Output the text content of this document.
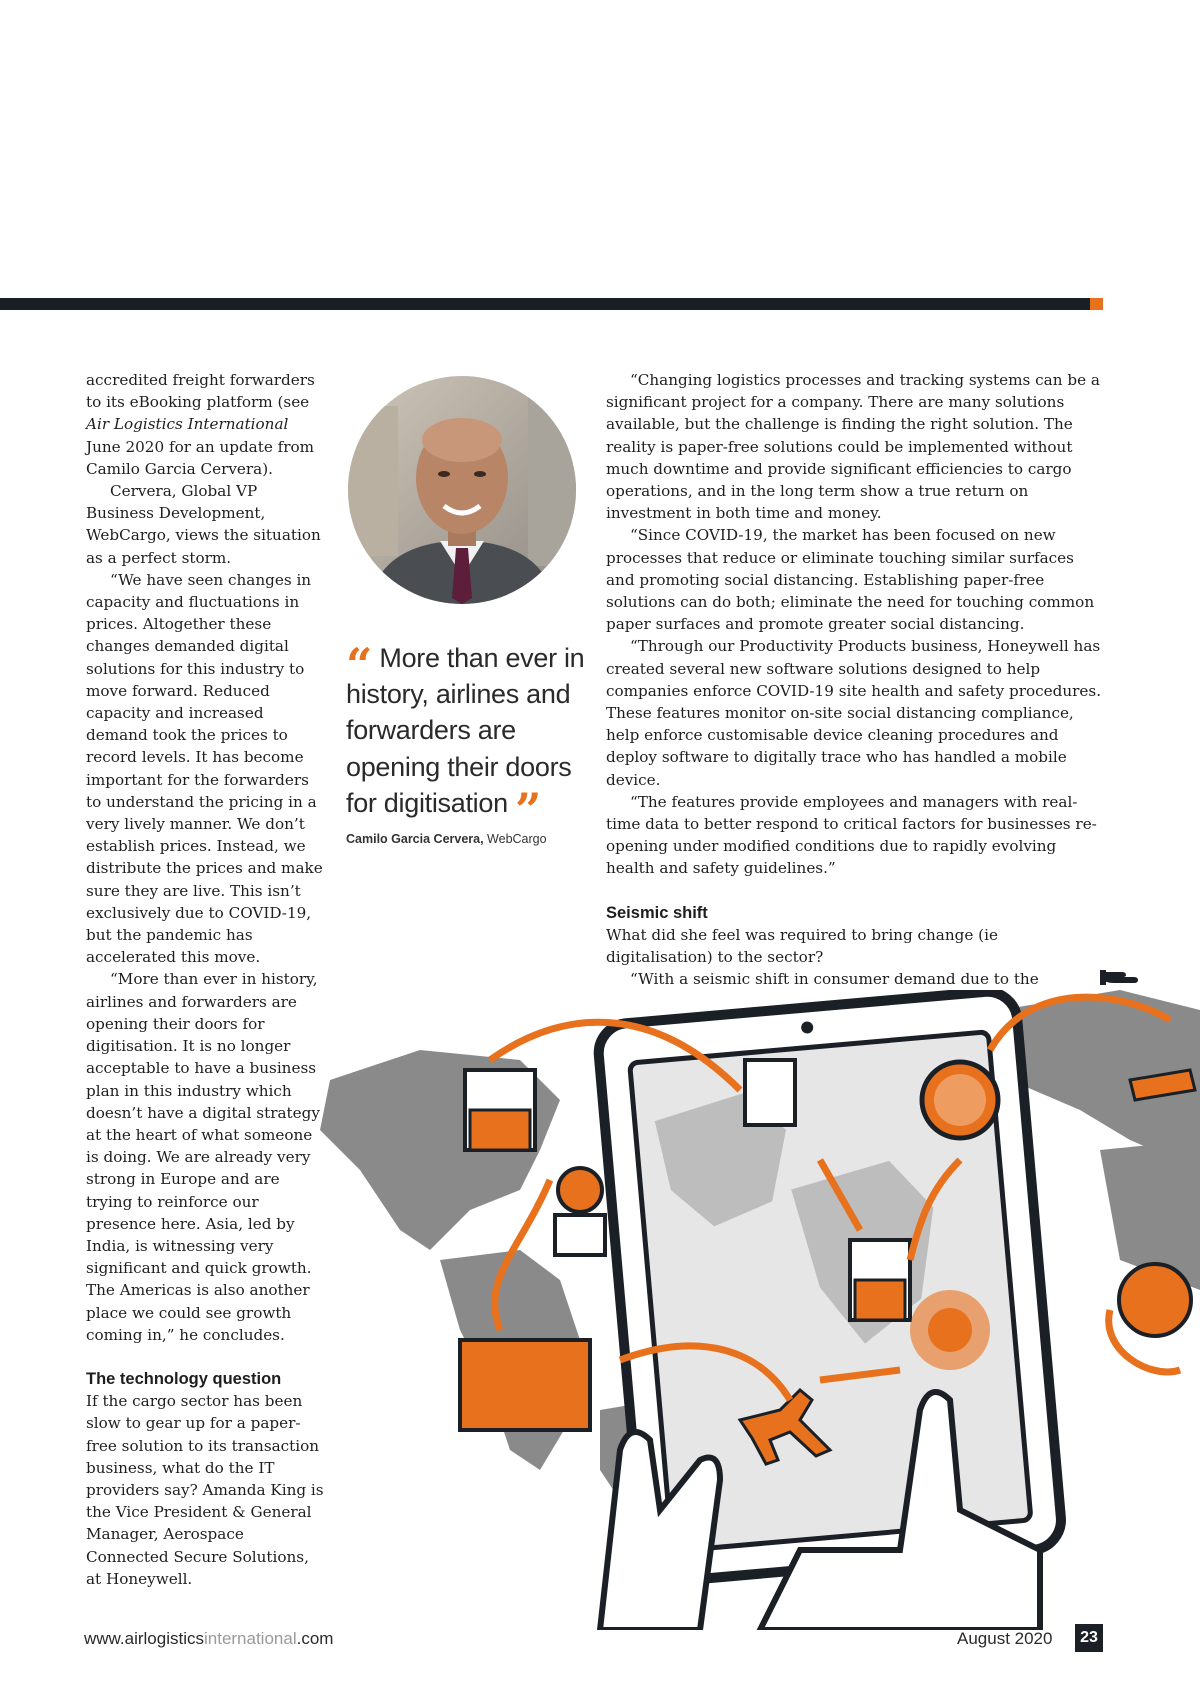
accredited freight forwarders to its eBooking platform (see Air Logistics International June 2020 for an update from Camilo Garcia Cervera).

Cervera, Global VP Business Development, WebCargo, views the situation as a perfect storm.

“We have seen changes in capacity and fluctuations in prices. Altogether these changes demanded digital solutions for this industry to move forward. Reduced capacity and increased demand took the prices to record levels. It has become important for the forwarders to understand the pricing in a very lively manner. We don’t establish prices. Instead, we distribute the prices and make sure they are live. This isn’t exclusively due to COVID-19, but the pandemic has accelerated this move.

“More than ever in history, airlines and forwarders are opening their doors for digitisation. It is no longer acceptable to have a business plan in this industry which doesn’t have a digital strategy at the heart of what someone is doing. We are already very strong in Europe and are trying to reinforce our presence here. Asia, led by India, is witnessing very significant and quick growth. The Americas is also another place we could see growth coming in,” he concludes.

The technology question

If the cargo sector has been slow to gear up for a paper-free solution to its transaction business, what do the IT providers say? Amanda King is the Vice President & General Manager, Aerospace Connected Secure Solutions, at Honeywell.

“ More than ever in history, airlines and forwarders are opening their doors for digitisation ”
Camilo Garcia Cervera, WebCargo

“Changing logistics processes and tracking systems can be a significant project for a company. There are many solutions available, but the challenge is finding the right solution. The reality is paper-free solutions could be implemented without much downtime and provide significant efficiencies to cargo operations, and in the long term show a true return on investment in both time and money.

“Since COVID-19, the market has been focused on new processes that reduce or eliminate touching similar surfaces and promoting social distancing. Establishing paper-free solutions can do both; eliminate the need for touching common paper surfaces and promote greater social distancing.

“Through our Productivity Products business, Honeywell has created several new software solutions designed to help companies enforce COVID-19 site health and safety procedures. These features monitor on-site social distancing compliance, help enforce customisable device cleaning procedures and deploy software to digitally trace who has handled a mobile device.

“The features provide employees and managers with real-time data to better respond to critical factors for businesses re-opening under modified conditions due to rapidly evolving health and safety guidelines.”

Seismic shift

What did she feel was required to bring change (ie digitalisation) to the sector?

“With a seismic shift in consumer demand due to the

www.airlogisticsinternational.com	August 2020	23
